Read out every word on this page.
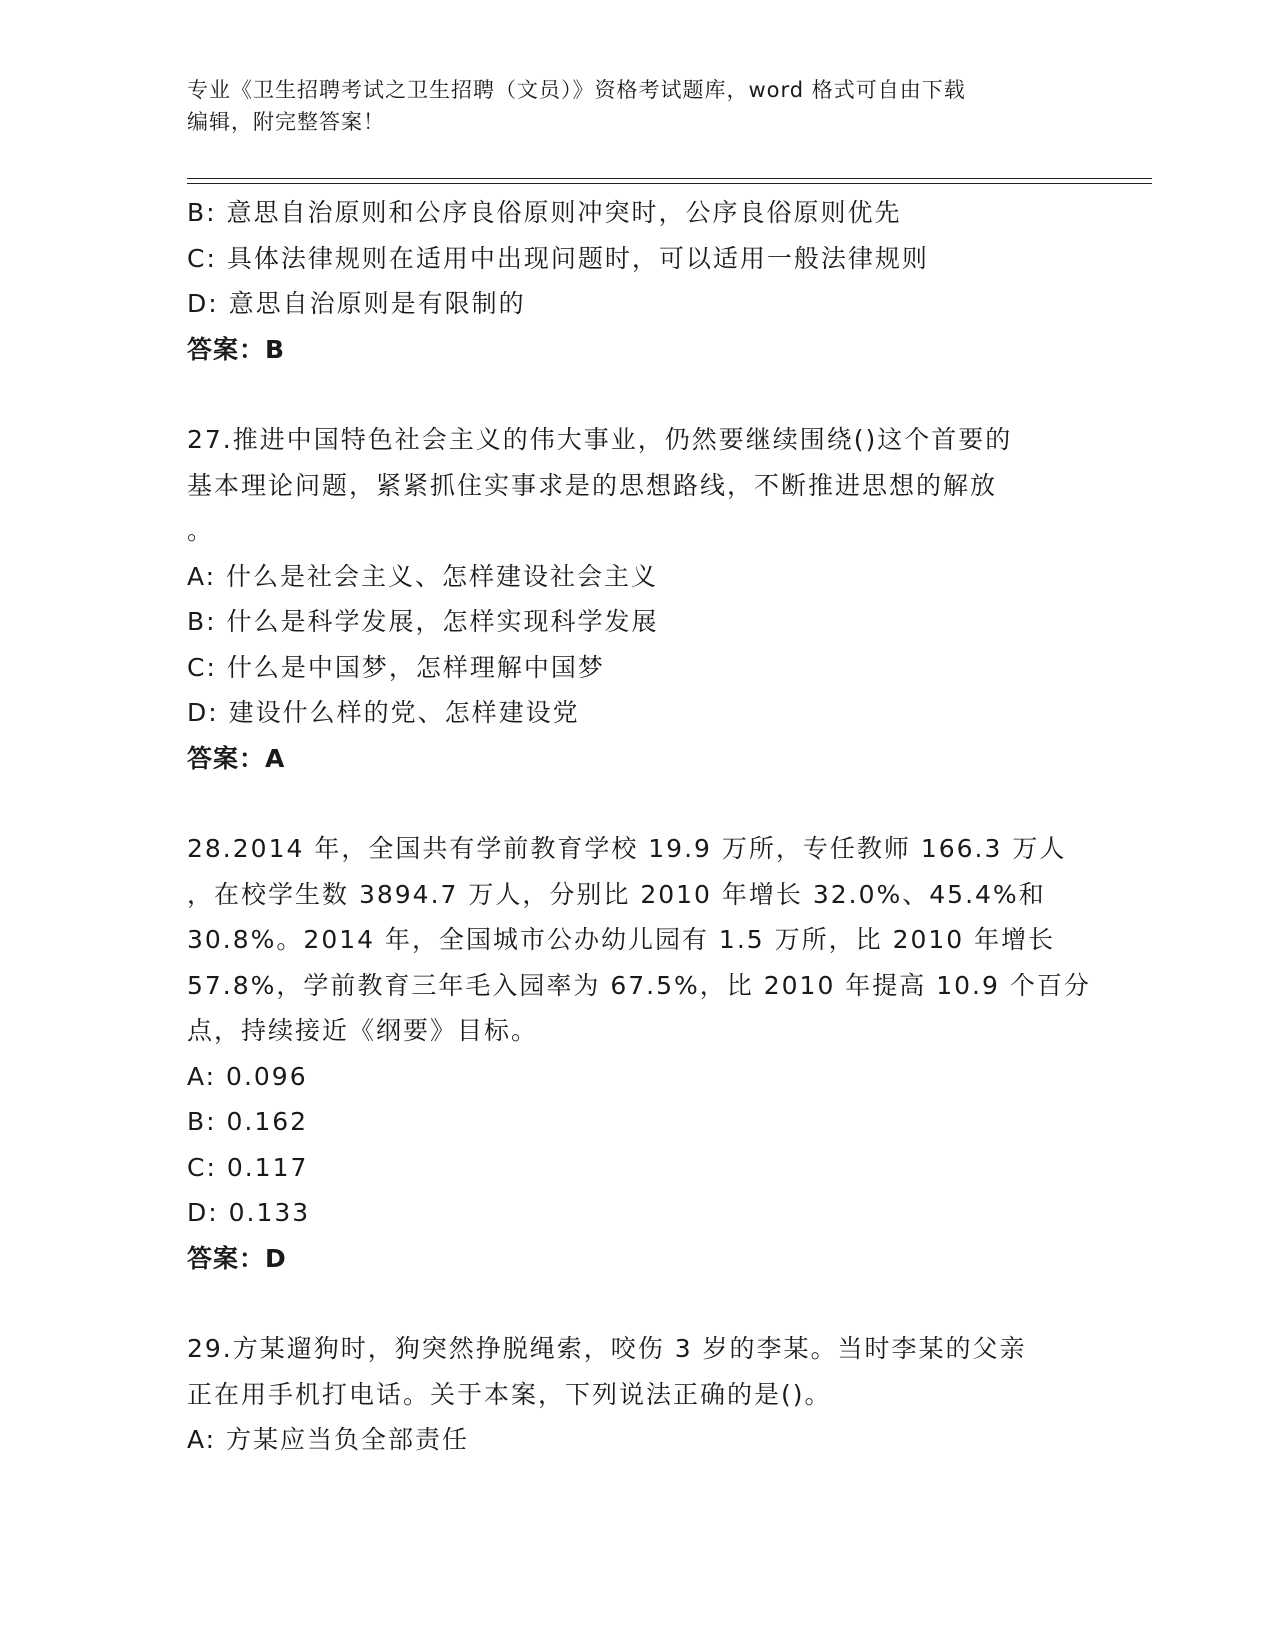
专业《卫生招聘考试之卫生招聘（文员）》资格考试题库，word 格式可自由下载
编辑，附完整答案！
B: 意思自治原则和公序良俗原则冲突时，公序良俗原则优先
C: 具体法律规则在适用中出现问题时，可以适用一般法律规则
D: 意思自治原则是有限制的
答案：B
27.推进中国特色社会主义的伟大事业，仍然要继续围绕()这个首要的
基本理论问题，紧紧抓住实事求是的思想路线，不断推进思想的解放
。
A: 什么是社会主义、怎样建设社会主义
B: 什么是科学发展，怎样实现科学发展
C: 什么是中国梦，怎样理解中国梦
D: 建设什么样的党、怎样建设党
答案：A
28.2014 年，全国共有学前教育学校 19.9 万所，专任教师 166.3 万人
，在校学生数 3894.7 万人，分别比 2010 年增长 32.0%、45.4%和
30.8%。2014 年，全国城市公办幼儿园有 1.5 万所，比 2010 年增长
57.8%，学前教育三年毛入园率为 67.5%，比 2010 年提高 10.9 个百分
点，持续接近《纲要》目标。
A: 0.096
B: 0.162
C: 0.117
D: 0.133
答案：D
29.方某遛狗时，狗突然挣脱绳索，咬伤 3 岁的李某。当时李某的父亲
正在用手机打电话。关于本案，下列说法正确的是()。
A: 方某应当负全部责任
